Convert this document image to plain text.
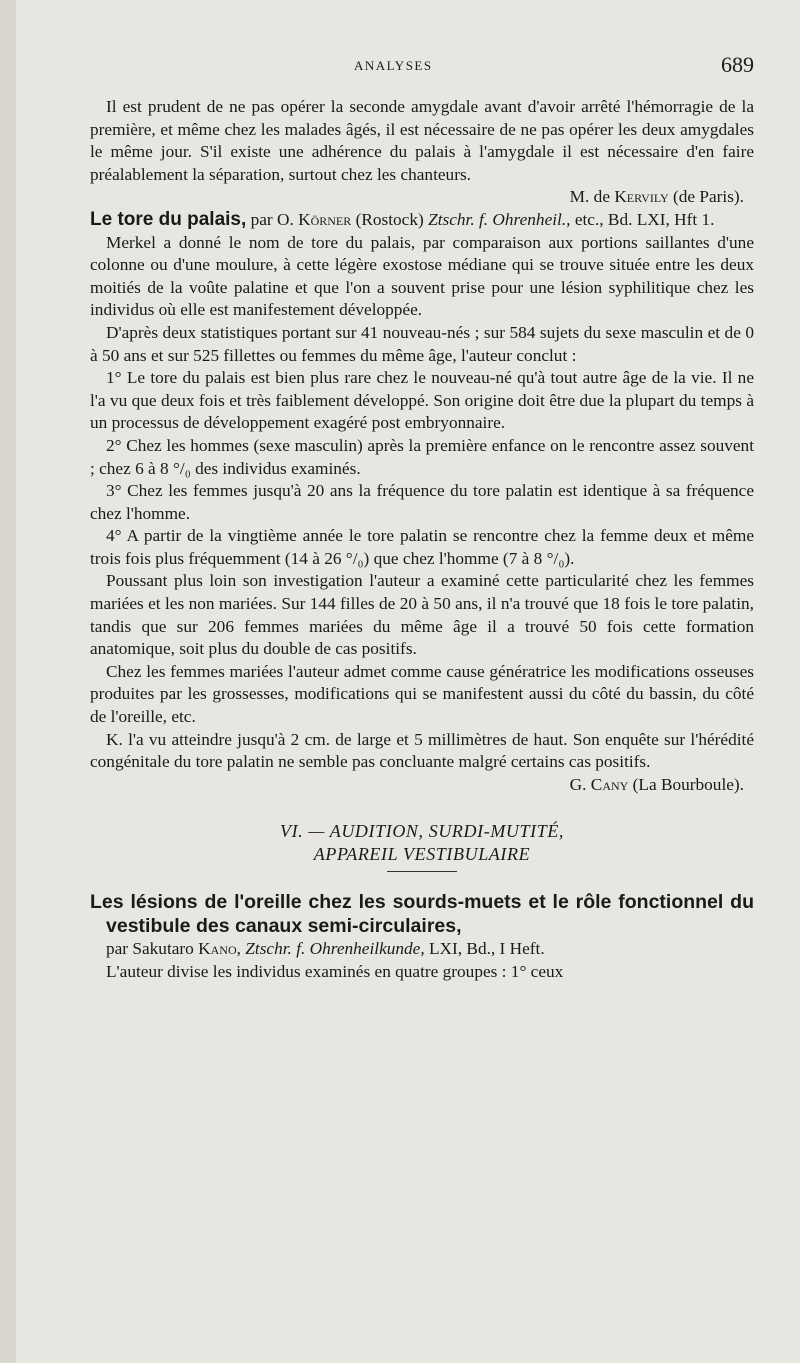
ANALYSES	689

Il est prudent de ne pas opérer la seconde amygdale avant d'avoir arrêté l'hémorragie de la première, et même chez les malades âgés, il est nécessaire de ne pas opérer les deux amygdales le même jour. S'il existe une adhérence du palais à l'amygdale il est nécessaire d'en faire préalablement la séparation, surtout chez les chanteurs.

M. de Kervily (de Paris).

Le tore du palais, par O. Körner (Rostock) Ztschr. f. Ohrenheil., etc., Bd. LXI, Hft 1.

Merkel a donné le nom de tore du palais, par comparaison aux portions saillantes d'une colonne ou d'une moulure, à cette légère exostose médiane qui se trouve située entre les deux moitiés de la voûte palatine et que l'on a souvent prise pour une lésion syphilitique chez les individus où elle est manifestement développée.

D'après deux statistiques portant sur 41 nouveau-nés ; sur 584 sujets du sexe masculin et de 0 à 50 ans et sur 525 fillettes ou femmes du même âge, l'auteur conclut :

1° Le tore du palais est bien plus rare chez le nouveau-né qu'à tout autre âge de la vie. Il ne l'a vu que deux fois et très faiblement développé. Son origine doit être due la plupart du temps à un processus de développement exagéré post embryonnaire.

2° Chez les hommes (sexe masculin) après la première enfance on le rencontre assez souvent ; chez 6 à 8 °/₀ des individus examinés.

3° Chez les femmes jusqu'à 20 ans la fréquence du tore palatin est identique à sa fréquence chez l'homme.

4° A partir de la vingtième année le tore palatin se rencontre chez la femme deux et même trois fois plus fréquemment (14 à 26 °/₀) que chez l'homme (7 à 8 °/₀).

Poussant plus loin son investigation l'auteur a examiné cette particularité chez les femmes mariées et les non mariées. Sur 144 filles de 20 à 50 ans, il n'a trouvé que 18 fois le tore palatin, tandis que sur 206 femmes mariées du même âge il a trouvé 50 fois cette formation anatomique, soit plus du double de cas positifs.

Chez les femmes mariées l'auteur admet comme cause génératrice les modifications osseuses produites par les grossesses, modifications qui se manifestent aussi du côté du bassin, du côté de l'oreille, etc.

K. l'a vu atteindre jusqu'à 2 cm. de large et 5 millimètres de haut. Son enquête sur l'hérédité congénitale du tore palatin ne semble pas concluante malgré certains cas positifs.

G. Cany (La Bourboule).

VI. — AUDITION, SURDI-MUTITÉ,
APPAREIL VESTIBULAIRE

Les lésions de l'oreille chez les sourds-muets et le rôle fonctionnel du vestibule des canaux semi-circulaires,

par Sakutaro Kano, Ztschr. f. Ohrenheilkunde, LXI, Bd., I Heft.

L'auteur divise les individus examinés en quatre groupes : 1° ceux
